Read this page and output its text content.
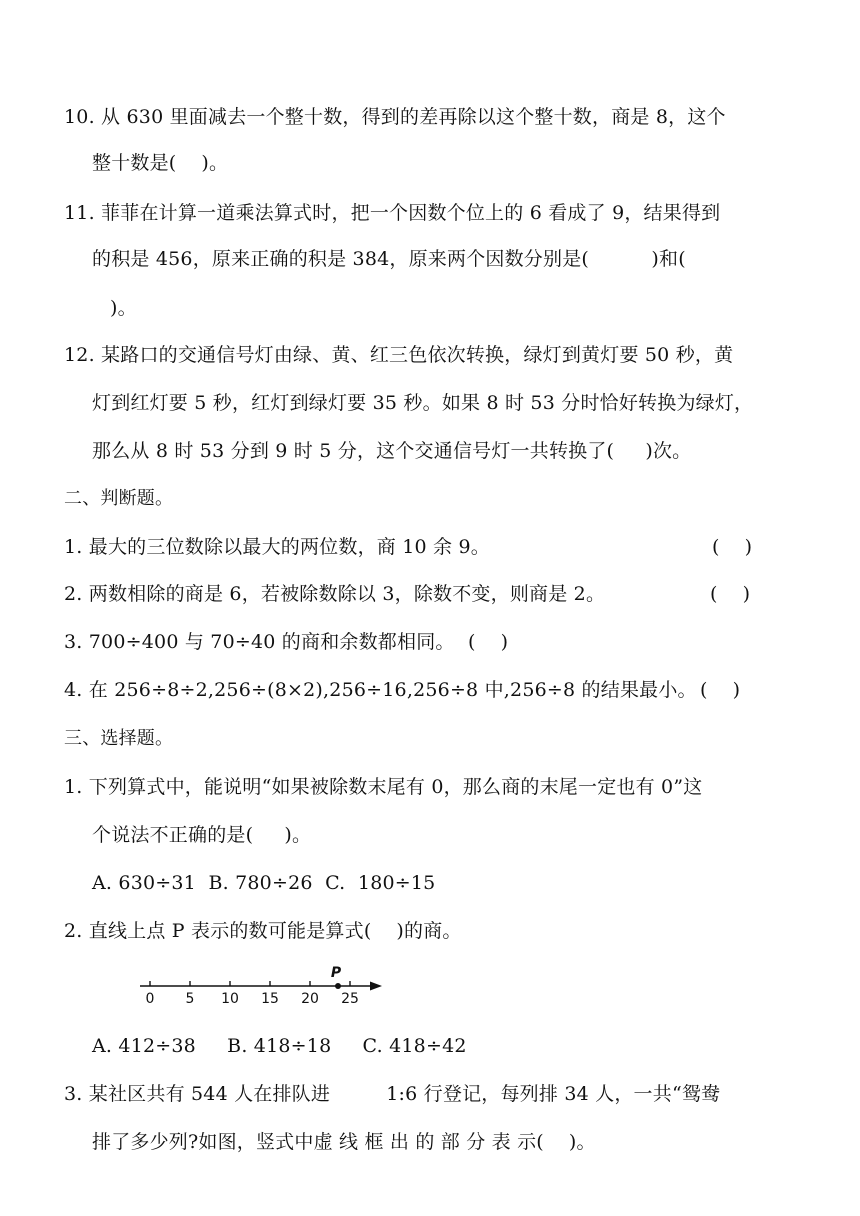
10. 从 630 里面减去一个整十数，得到的差再除以这个整十数，商是 8，这个
整十数是(    )。
11. 菲菲在计算一道乘法算式时，把一个因数个位上的 6 看成了 9，结果得到
的积是 456，原来正确的积是 384，原来两个因数分别是(          )和(
)。
12. 某路口的交通信号灯由绿、黄、红三色依次转换，绿灯到黄灯要 50 秒，黄
灯到红灯要 5 秒，红灯到绿灯要 35 秒。如果 8 时 53 分时恰好转换为绿灯，
那么从 8 时 53 分到 9 时 5 分，这个交通信号灯一共转换了(     )次。
二、判断题。
1. 最大的三位数除以最大的两位数，商 10 余 9。	(    )
2. 两数相除的商是 6，若被除数除以 3，除数不变，则商是 2。	(    )
3. 700÷400 与 70÷40 的商和余数都相同。 (    )
4. 在 256÷8÷2,256÷(8×2),256÷16,256÷8 中,256÷8 的结果最小。 (    )
三、选择题。
1. 下列算式中，能说明“如果被除数末尾有 0，那么商的末尾一定也有 0”这
个说法不正确的是(     )。
A. 630÷31  B. 780÷26  C.  180÷15
2. 直线上点 P 表示的数可能是算式(    )的商。
0 5 10 15 20 25
P
A. 412÷38     B. 418÷18     C. 418÷42
3. 某社区共有 544 人在排队进         1:6 行登记，每列排 34 人，一共“鸳鸯
排了多少列?如图，竖式中虚 线 框 出 的 部 分 表 示(    )。
